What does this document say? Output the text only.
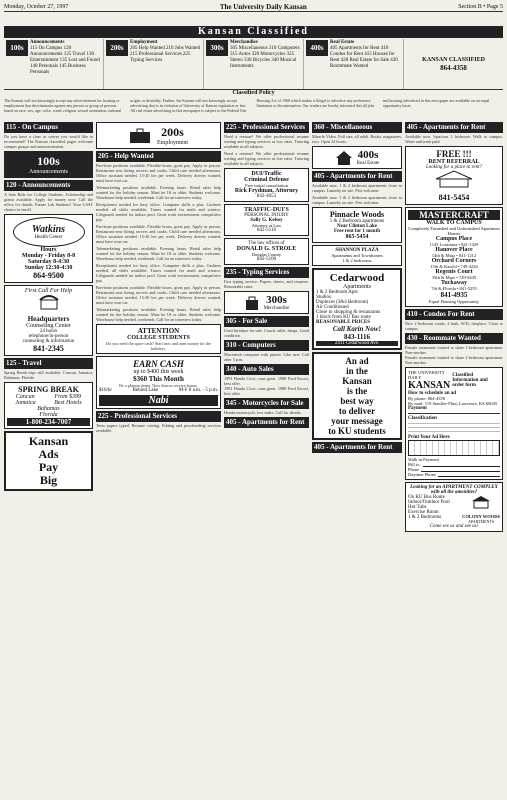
Monday, October 27, 1997	The University Daily Kansan	Section B • Page 5
Kansan Classified
100s
Announcements
115 On Campus 120 Announcements 125 Travel 130 Entertainment 135 Lost and Found 140 Personals 145 Business Personals
200s
Employment
205 Help Wanted 210 Jobs Wanted 215 Professional Services 225 Typing Services
300s
Merchandise
305 Miscellaneous 310 Computers 315 Autos 320 Motorcycles 325 Stereo 330 Bicycles 340 Musical Instruments
400s
Real Estate
405 Apartments for Rent 410 Condos for Rent 415 Houses for Rent 420 Real Estate for Sale 430 Roommate Wanted
KANSAN CLASSIFIED
864-4358
Classified Policy
The Kansan will not knowingly accept any advertisement for housing or employment that discriminates against any person or group of persons based on race, sex, age, color, creed, religion, sexual orientation, national origin, or disability. Further, the Kansan will not knowingly accept advertising that is in violation of University of Kansas regulation or law. All real estate advertising in this newspaper is subject to the Federal Fair Housing Act of 1968 which makes it illegal to advertise any preference, limitation or discrimination. Our readers are hereby informed that all jobs and housing advertised in this newspaper are available on an equal opportunity basis.
115 - On Campus
Do you have a class or course you would like to recommend? The Kansan classified pages welcome campus groups and announcements.
100s
Announcements
120 - Announcements
A Safe Ride for College Students. Scholarship and grants available. Apply for money now. Call the office for details. Future Lab Students! Your LAST chance to enroll.
Watkins
Health Center
Hours
Monday - Friday 8-8
Saturday 8-4:30
Sunday 12:30-4:30
864-9500
First Call For Help
Headquarters
Counseling Center
24 hours
telephone/in-person
counseling & information
841-2345
125 - Travel
Spring Break trips still available. Cancun, Jamaica, Bahamas, Florida.
SPRING BREAK
Cancun	From $399
Jamaica	Best Hotels
Bahamas
Florida
1-800-234-7007
Kansan
Ads
Pay
Big
200s
Employment
205 - Help Wanted
Part-time positions available. Flexible hours, great pay. Apply in person. Restaurant now hiring servers and cooks. Child care needed afternoons. Office assistant needed, 15-20 hrs per week. Delivery drivers wanted, must have own car.
Telemarketing positions available. Evening hours. Retail sales help wanted for the holiday season. Must be 18 or older. Students welcome. Warehouse help needed, weekends. Call for an interview today.
Receptionist needed for busy office. Computer skills a plus. Cashiers needed, all shifts available. Tutors wanted for math and science. Lifeguards needed for indoor pool. Great work environment, competitive pay.
Part-time positions available. Flexible hours, great pay. Apply in person. Restaurant now hiring servers and cooks. Child care needed afternoons. Office assistant needed, 15-20 hrs per week. Delivery drivers wanted, must have own car.
Telemarketing positions available. Evening hours. Retail sales help wanted for the holiday season. Must be 18 or older. Students welcome. Warehouse help needed, weekends. Call for an interview today.
Receptionist needed for busy office. Computer skills a plus. Cashiers needed, all shifts available. Tutors wanted for math and science. Lifeguards needed for indoor pool. Great work environment, competitive pay.
Part-time positions available. Flexible hours, great pay. Apply in person. Restaurant now hiring servers and cooks. Child care needed afternoons. Office assistant needed, 15-20 hrs per week. Delivery drivers wanted, must have own car.
Telemarketing positions available. Evening hours. Retail sales help wanted for the holiday season. Must be 18 or older. Students welcome. Warehouse help needed, weekends. Call for an interview today.
ATTENTION
COLLEGE STUDENTS
Do you need the spare cash? Start now and earn money for the holidays.
EARN CASH
up to $400 this week
$360 This Month
Be a plasma donor. New donors receive bonus.
$16/hr	Behind Lake	M-F 8 a.m. - 5 p.m.
Nabi
225 - Professional Services
Term papers typed. Resume writing. Editing and proofreading services available.
225 - Professional Services
Need a resume? We offer professional resume writing and typing services at low rates. Tutoring available in all subjects.
Need a resume? We offer professional resume writing and typing services at low rates. Tutoring available in all subjects.
DUI/Traffic
Criminal Defense
Free initial consultation
Rick Frydman, Attorney
842-4053
TRAFFIC-DUI'S
PERSONAL INJURY
Sally G. Kelsey
Attorney at Law
842-5116
The law offices of
DONALD G. STROLE
Douglas County
842-5100
235 - Typing Services
Fast typing service. Papers, theses, and resumes. Reasonable rates.
300s
Merchandise
305 - For Sale
Used furniture for sale. Couch, table, lamps. Good condition.
310 - Computers
Macintosh computer with printer. Like new. Call after 5 p.m.
340 - Auto Sales
1991 Honda Civic, runs great. 1988 Ford Escort, best offer.
1991 Honda Civic, runs great. 1988 Ford Escort, best offer.
345 - Motorcycles for Sale
Honda motorcycle, low miles. Call for details.
405 - Apartments for Rent
360 - Miscellaneous
Miracle Video. Full size, all adult. Books, magazines, toys. Open 24 hours.
400s
Real Estate
405 - Apartments for Rent
Available now. 1 & 2 bedroom apartments close to campus. Laundry on site. Pets welcome.
Available now. 1 & 2 bedroom apartments close to campus. Laundry on site. Pets welcome.
Pinnacle Woods
1 & 2 Bedroom apartments
Near Clinton Lake
Free rent for 1 month
865-5454
SHANNON PLAZA
Apartments and Townhomes
1 & 2 bedrooms
Cedarwood
Apartments
1 & 2 Bedroom Apts
Studios
Duplexes (3&4 Bedroom)
Air Conditioned
Close to shopping & restaurants
1 block from KU Bus route
REASONABLE PRICES
Call Karin Now!
843-1116
2411 Cedarwood Ave.
An ad
in the
Kansan
is the
best way
to deliver
your message
to KU students
405 - Apartments for Rent
405 - Apartments for Rent
Available now. Spacious 2 bedroom. Walk to campus. Water and trash paid.
FREE !!!
RENT REFERRAL
Looking for a place to rent?
841-5454
MASTERCRAFT
WALK TO CAMPUS
Completely Furnished and Unfurnished Apartment Homes
Campus Place
1145 Louisiana • 841-1429
Hanover Place
14th & Mass • 841-1212
Orchard Corners
15th & Kasold • 749-4226
Regents Court
19th & Mass • 749-0445
Tuckaway
7th & Florida • 841-5255
841-4935
Equal Housing Opportunity
410 - Condos For Rent
Nice 2 bedroom condo, 2 bath, W/D, fireplace. Close to campus.
430 - Roommate Wanted
Female roommate wanted to share 2 bedroom apartment. Non-smoker.
Female roommate wanted to share 2 bedroom apartment. Non-smoker.
THE UNIVERSITY DAILY
KANSAN
Classified Information and order form
How to schedule an ad
By phone: 864-4358
By mail: 119 Stauffer-Flint, Lawrence, KS 66045
Payment
Classification
Print Your Ad Here
Walk in Payment
Bill to:
Phone
Daytime Phone
Looking for an APARTMENT COMPLEX with all the amenities?
On KU Bus Route
Indoor/Outdoor Pool
Hot Tubs
Exercise Room
1 & 2 Bedrooms	COLONY WOODS
APARTMENTS
Come see us and see us!
